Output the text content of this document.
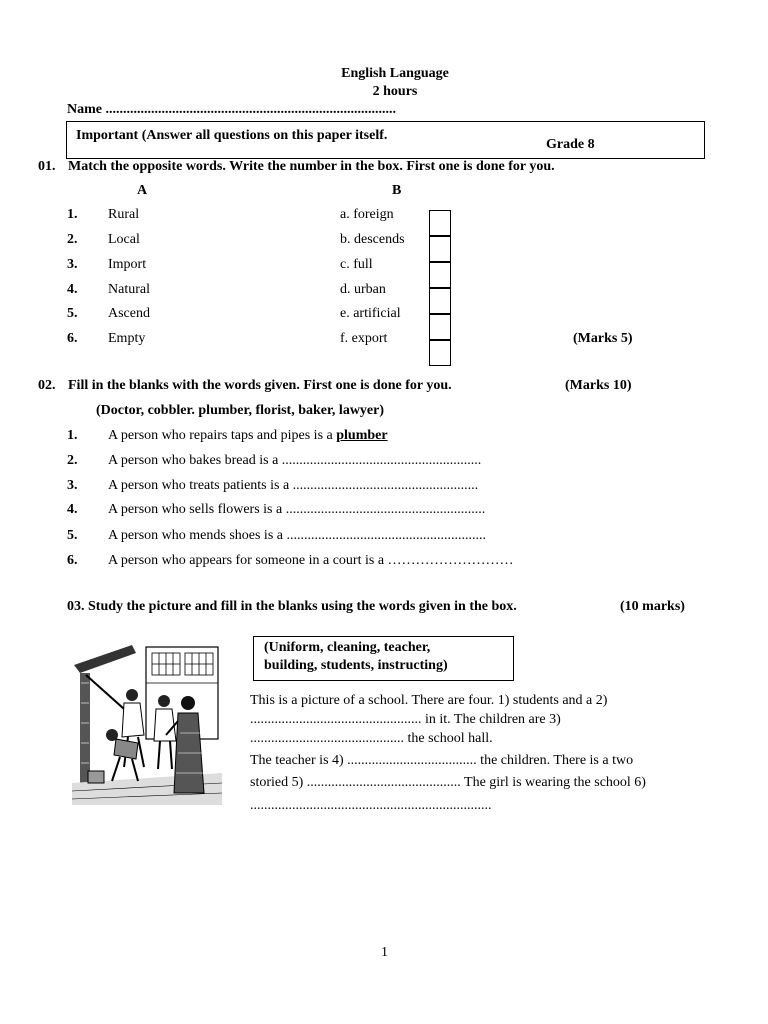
English Language
2 hours
Name ...................................................................................
Important (Answer all questions on this paper itself.
Grade 8
01. Match the opposite words. Write the number in the box. First one is done for you.
A	B
1. Rural	a. foreign
2. Local	b. descends
3. Import	c. full
4. Natural	d. urban
5. Ascend	e. artificial
6. Empty	f. export	(Marks 5)
02. Fill in the blanks with the words given. First one is done for you.	(Marks 10)
(Doctor, cobbler. plumber, florist, baker, lawyer)
1. A person who repairs taps and pipes is a plumber
2. A person who bakes bread is a .........................................................
3. A person who treats patients is a .....................................................
4. A person who sells flowers is a .........................................................
5. A person who mends shoes is a .........................................................
6. A person who appears for someone in a court is a ………………………
03. Study the picture and fill in the blanks using the words given in the box.	(10 marks)
(Uniform, cleaning, teacher,
building, students, instructing)
This is a picture of a school. There are four. 1) students and a 2)
................................................. in it. The children are 3)
............................................ the school hall.
The teacher is 4) ..................................... the children. There is a two
storied 5) ............................................ The girl is wearing the school 6)
.....................................................................
1
